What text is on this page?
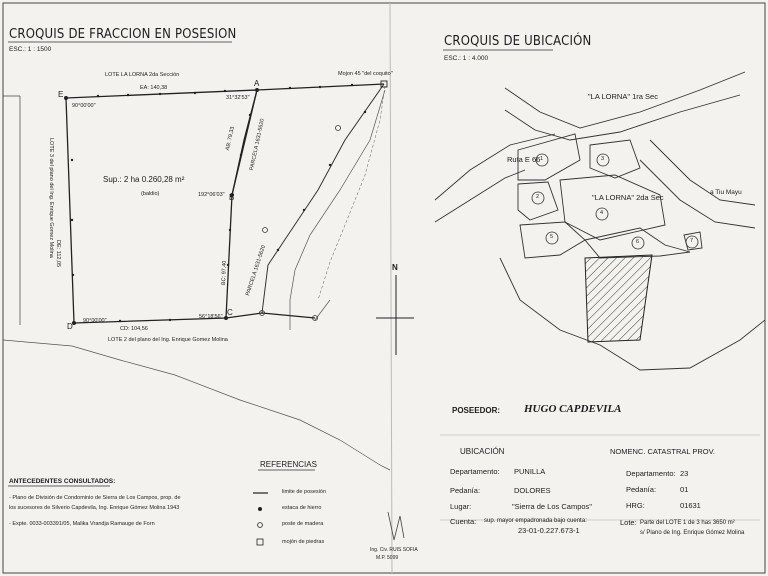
CROQUIS DE FRACCION EN POSESION
ESC.: 1 : 1500
LOTE LA LORNA 2da Sección	Mojon 45 "del coquito"
E
A
B
C
D
EA: 140,38
31°32'53"
90°00'00"
192°06'03"
56°18'56"
90°00'00"
AB: 79,33 PARCELA 1631-5620
BC: 97,40	PARCELA 1631-5620
CD: 104,56
DE: 112,05
LOTE 3 del plano del Ing. Enrique Gomez Molina
LOTE 2 del plano del Ing. Enrique Gomez Molina
Sup.: 2 ha 0.260,28 m²
(baldio)
N
CROQUIS DE UBICACIÓN
ESC.: 1 : 4.000
"LA LORNA" 1ra Sec
Ruta E 66
"LA LORNA" 2da Sec
a Tiu Mayu
1
2
3
4
5
6	7
POSEEDOR: HUGO CAPDEVILA
UBICACIÓN
Departamento: PUNILLA
Pedanía:	DOLORES
Lugar:	"Sierra de Los Campos"
Cuenta: sup. mayor empadronada bajo cuenta:
23-01-0.227.673-1
NOMENC. CATASTRAL PROV.
Departamento: 23
Pedanía:	01
HRG:	01631
Lote: Parte del LOTE 1 de 3 has 3650 m²
s/ Plano de Ing. Enrique Gómez Molina
REFERENCIAS
limite de posesión
estaca de hierro
poste de madera
mojón de piedras
ANTECEDENTES CONSULTADOS:
- Plano de División de Condominio de Sierra de Los Campos, prop. de
los sucesores de Silverio Capdevila, Ing. Enrique Gómez Molina 1943
- Expte. 0033-003391/05, Malika Vrandja Ramauge de Forn
Ing. Civ. RUIS SOFIA
M.P. 5099
